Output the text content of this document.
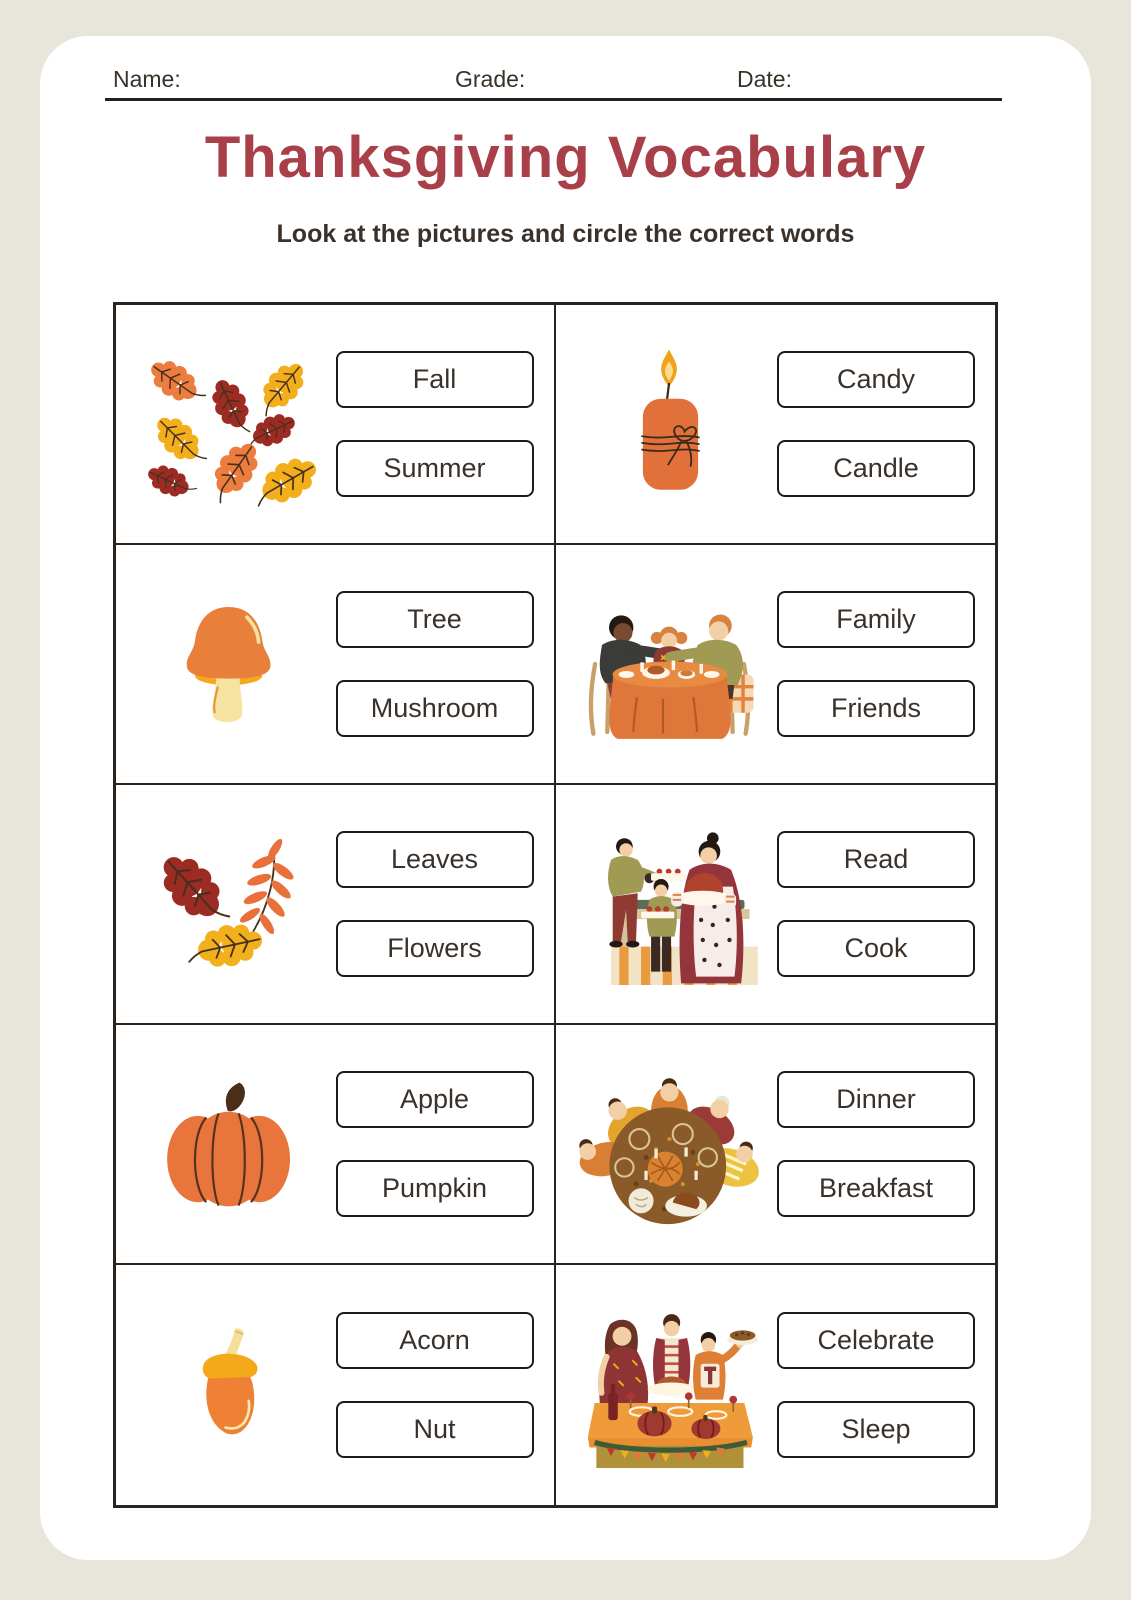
Name:	Grade:	Date:
Thanksgiving Vocabulary

Look at the pictures and circle the correct words

Fall
Summer
Candy
Candle
Tree
Mushroom
Family
Friends
Leaves
Flowers
Read
Cook
Apple
Pumpkin
Dinner
Breakfast
Acorn
Nut
Celebrate
Sleep
